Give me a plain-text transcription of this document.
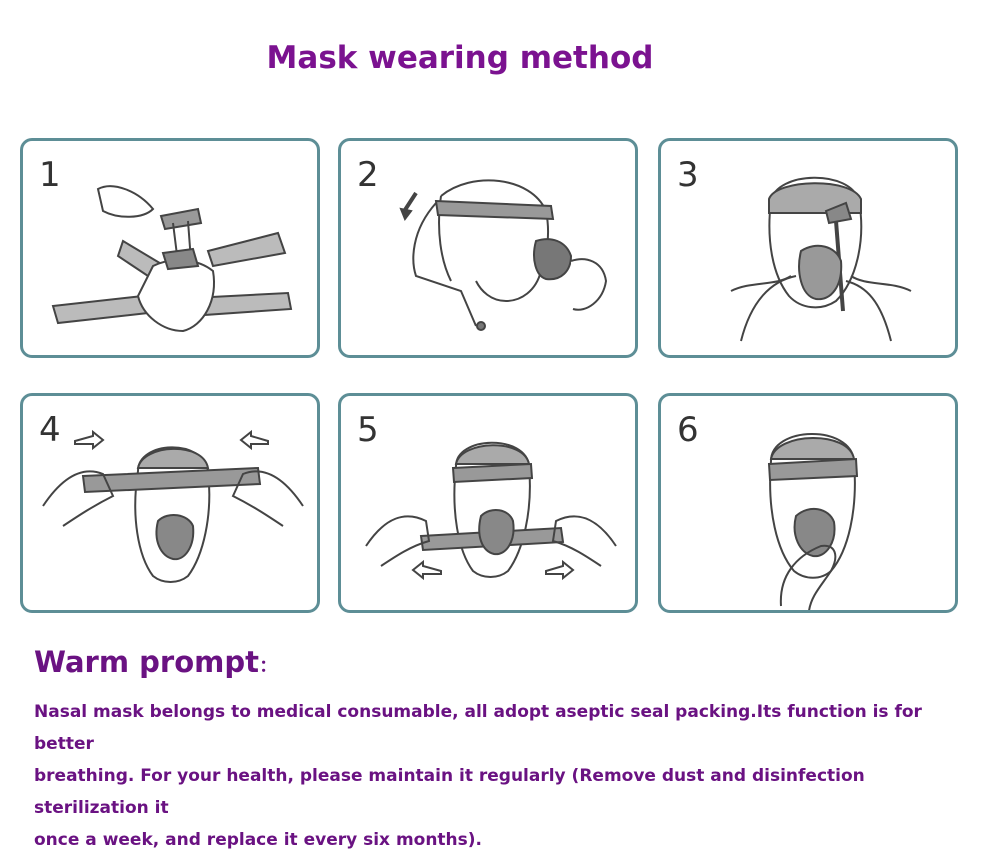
Mask wearing method
1	2	3
4	5	6
Warm prompt：
Nasal mask belongs to medical consumable, all adopt aseptic seal packing.Its function is for better
breathing. For your health, please maintain it regularly (Remove dust and disinfection sterilization it
once a week, and replace it every six months).
